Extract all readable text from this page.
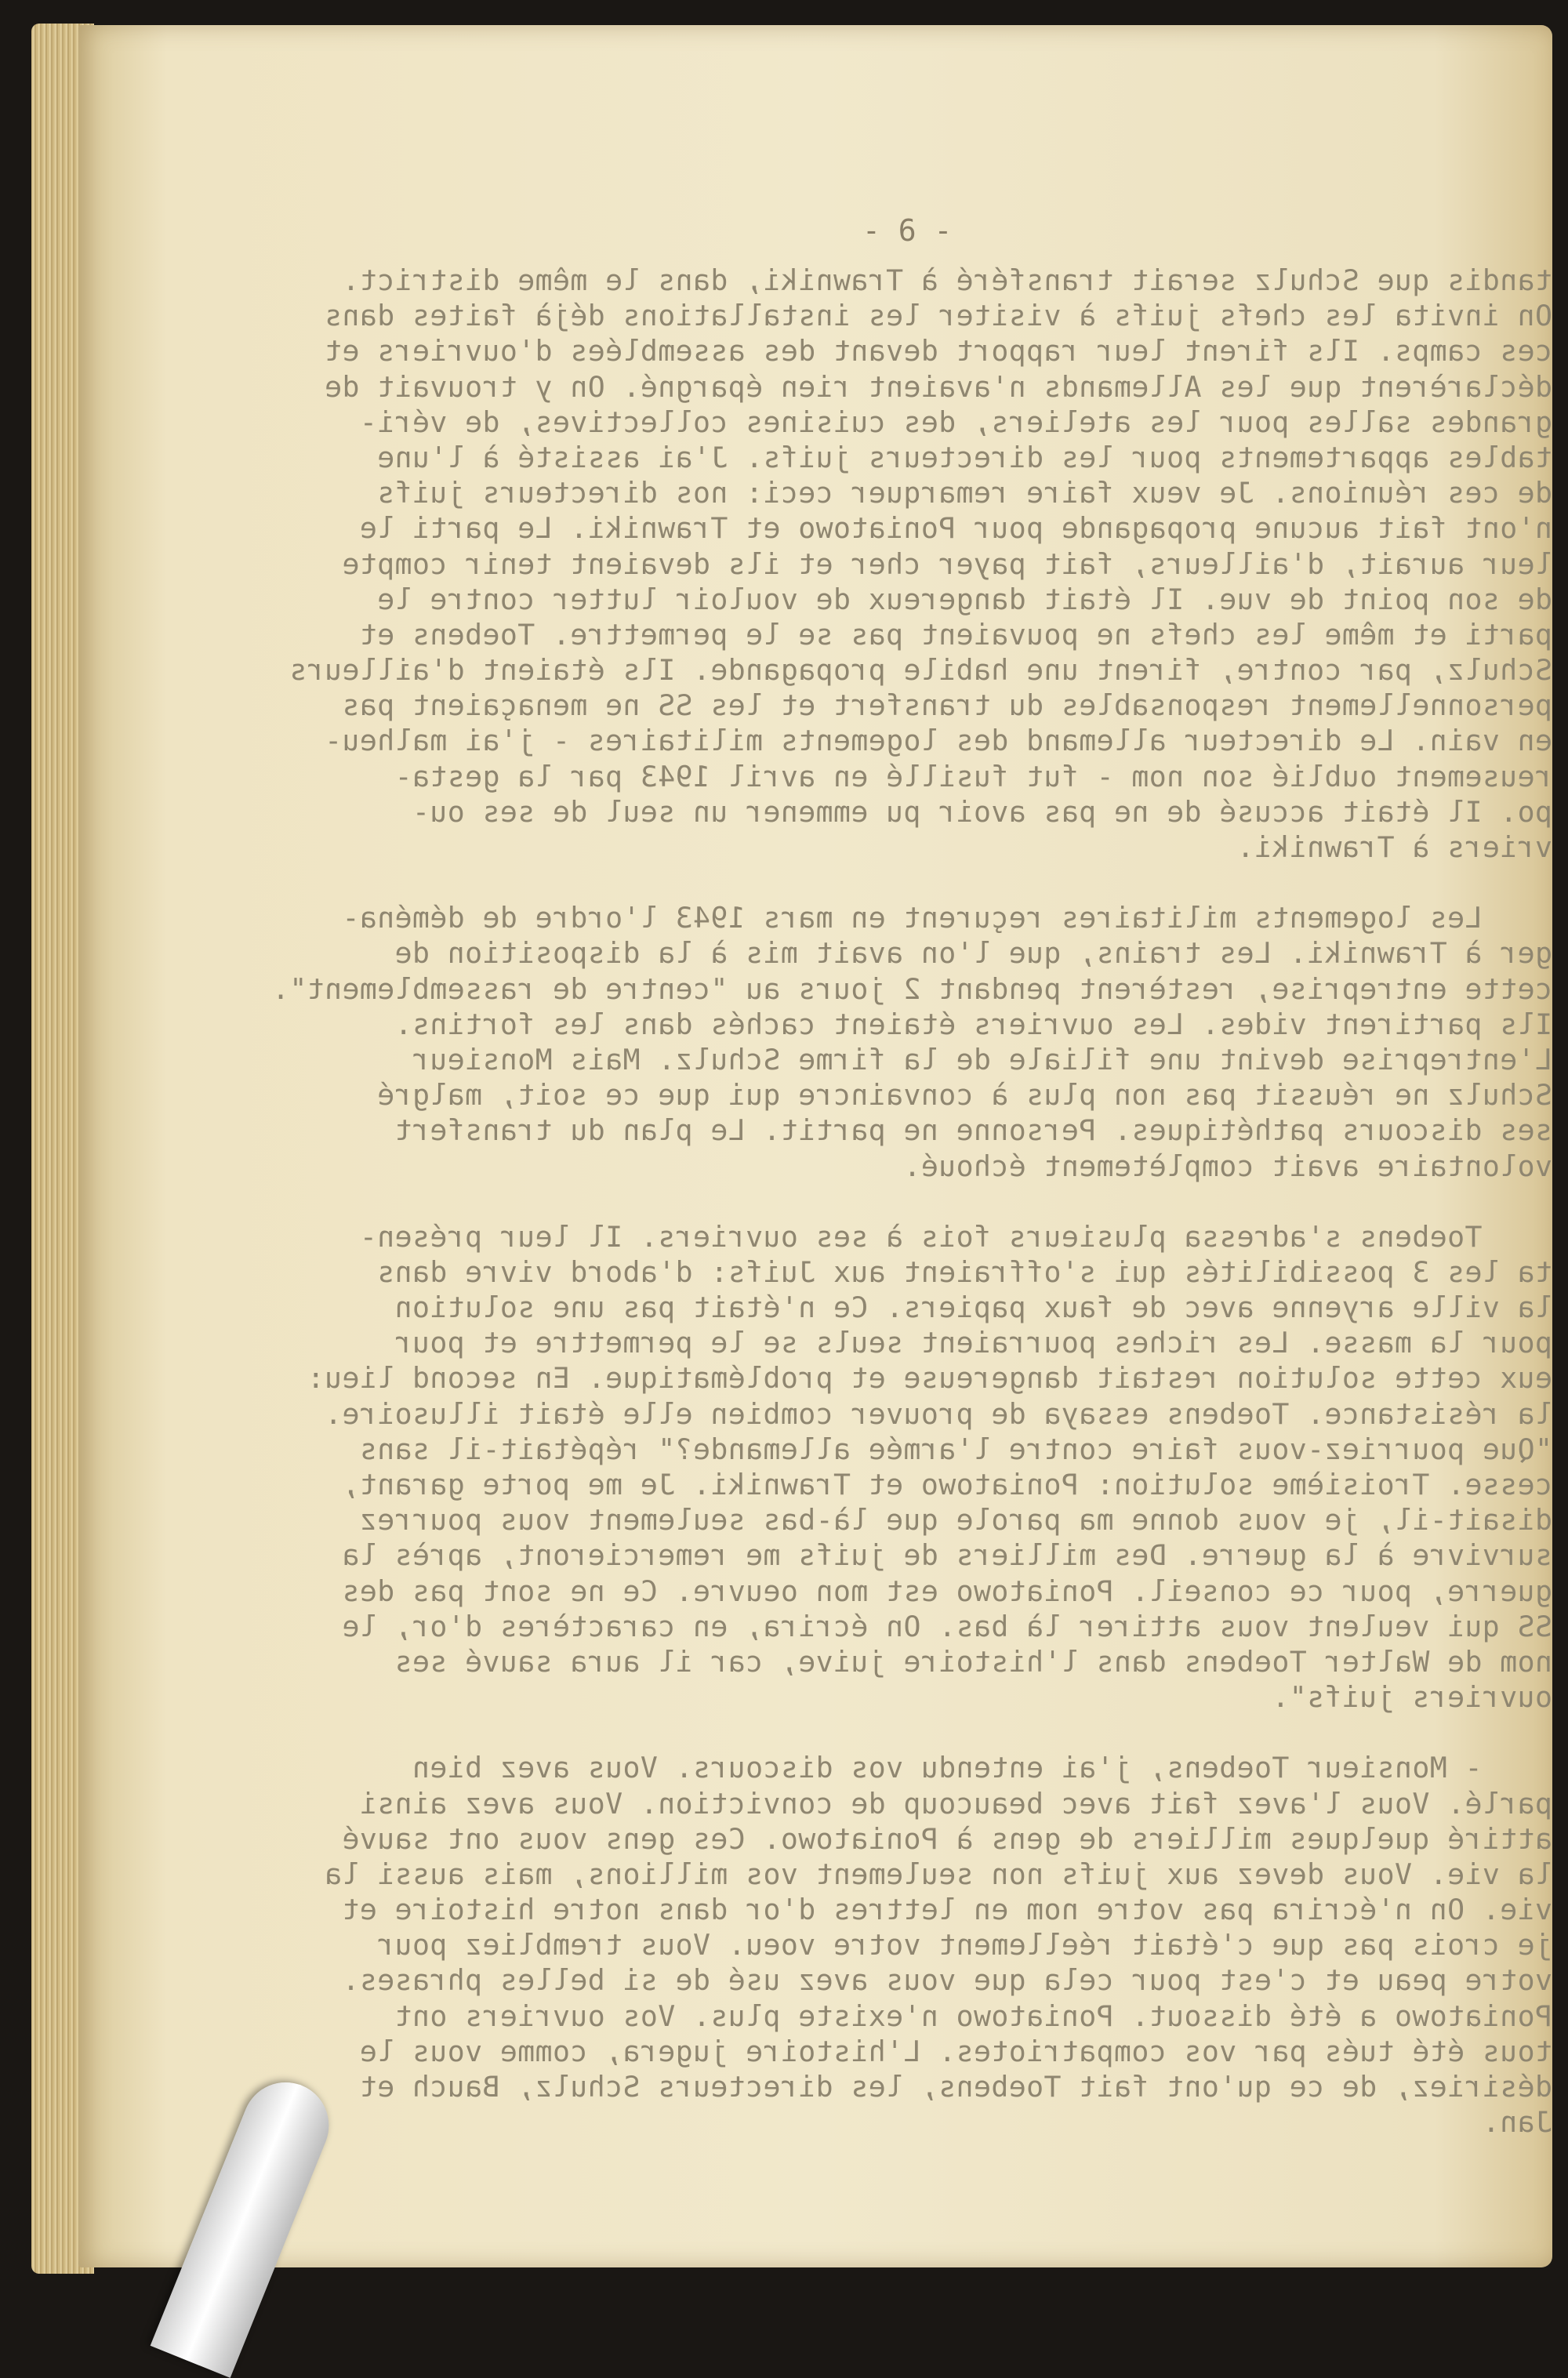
- 6 -
tandis que Schulz serait transféré à Trawniki, dans le même district.
On invita les chefs juifs à visiter les installations déjà faites dans
ces camps. Ils firent leur rapport devant des assemblées d'ouvriers et
déclarèrent que les Allemands n'avaient rien épargné. On y trouvait de
grandes salles pour les ateliers, des cuisines collectives, de véri-
tables appartements pour les directeurs juifs. J'ai assisté à l'une
de ces réunions. Je veux faire remarquer ceci: nos directeurs juifs
n'ont fait aucune propagande pour Poniatowo et Trawniki. Le parti le
leur aurait, d'ailleurs, fait payer cher et ils devaient tenir compte
de son point de vue. Il était dangereux de vouloir lutter contre le
parti et même les chefs ne pouvaient pas se le permettre. Toebens et
Schulz, par contre, firent une habile propagande. Ils étaient d'ailleurs
personnellement responsables du transfert et les SS ne menaçaient pas
en vain. Le directeur allemand des logements militaires - j'ai malheu-
reusement oublié son nom - fut fusillé en avril 1943 par la gesta-
po. Il était accusé de ne pas avoir pu emmener un seul de ses ou-
vriers à Trawniki.
Les logements militaires reçurent en mars 1943 l'ordre de déména-
ger à Trawniki. Les trains, que l'on avait mis à la disposition de
cette entreprise, restèrent pendant 2 jours au "centre de rassemblement".
Ils partirent vides. Les ouvriers étaient cachés dans les fortins.
L'entreprise devint une filiale de la firme Schulz. Mais Monsieur
Schulz ne réussit pas non plus à convaincre qui que ce soit, malgré
ses discours pathétiques. Personne ne partit. Le plan du transfert
volontaire avait complètement échoué.
Toebens s'adressa plusieurs fois à ses ouvriers. Il leur présen-
ta les 3 possibilités qui s'offraient aux Juifs: d'abord vivre dans
la ville aryenne avec de faux papiers. Ce n'était pas une solution
pour la masse. Les riches pourraient seuls se le permettre et pour
eux cette solution restait dangereuse et problématique. En second lieu:
la résistance. Toebens essaya de prouver combien elle était illusoire.
"Que pourriez-vous faire contre l'armée allemande?" répétait-il sans
cesse. Troisième solution: Poniatowo et Trawniki. Je me porte garant,
disait-il, je vous donne ma parole que là-bas seulement vous pourrez
survivre à la guerre. Des milliers de juifs me remercieront, après la
guerre, pour ce conseil. Poniatowo est mon oeuvre. Ce ne sont pas des
SS qui veulent vous attirer là bas. On écrira, en caractères d'or, le
nom de Walter Toebens dans l'histoire juive, car il aura sauvé ses
ouvriers juifs".
- Monsieur Toebens, j'ai entendu vos discours. Vous avez bien
parlé. Vous l'avez fait avec beaucoup de conviction. Vous avez ainsi
attiré quelques milliers de gens à Poniatowo. Ces gens vous ont sauvé
la vie. Vous devez aux juifs non seulement vos millions, mais aussi la
vie. On n'écrira pas votre nom en lettres d'or dans notre histoire et
je crois pas que c'était réellement votre voeu. Vous trembliez pour
votre peau et c'est pour cela que vous avez usé de si belles phrases.
Poniatowo a été dissout. Poniatowo n'existe plus. Vos ouvriers ont
tous été tués par vos compatriotes. L'histoire jugera, comme vous le
désiriez, de ce qu'ont fait Toebens, les directeurs Schulz, Bauch et
Jan.
